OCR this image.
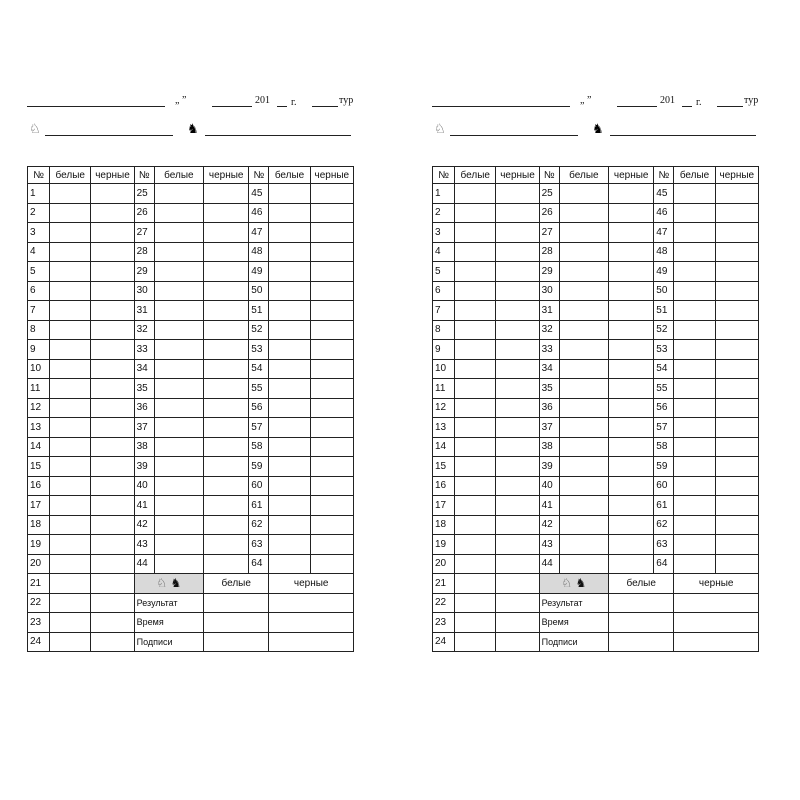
„ ”	201 г.	тур
♘	♞
№	белые	черные	№	белые	черные	№	белые	черные
1			25			45		
2			26			46		
3			27			47		
4			28			48		
5			29			49		
6			30			50		
7			31			51		
8			32			52		
9			33			53		
10			34			54		
11			35			55		
12			36			56		
13			37			57		
14			38			58		
15			39			59		
16			40			60		
17			41			61		
18			42			62		
19			43			63		
20			44			64		
21			♘ ♞		белые		черные	
22			Результат					
23			Время					
24			Подписи					
„ ”	201 г.	тур
♘	♞
№	белые	черные	№	белые	черные	№	белые	черные
1			25			45		
2			26			46		
3			27			47		
4			28			48		
5			29			49		
6			30			50		
7			31			51		
8			32			52		
9			33			53		
10			34			54		
11			35			55		
12			36			56		
13			37			57		
14			38			58		
15			39			59		
16			40			60		
17			41			61		
18			42			62		
19			43			63		
20			44			64		
21			♘ ♞		белые		черные	
22			Результат					
23			Время					
24			Подписи					
